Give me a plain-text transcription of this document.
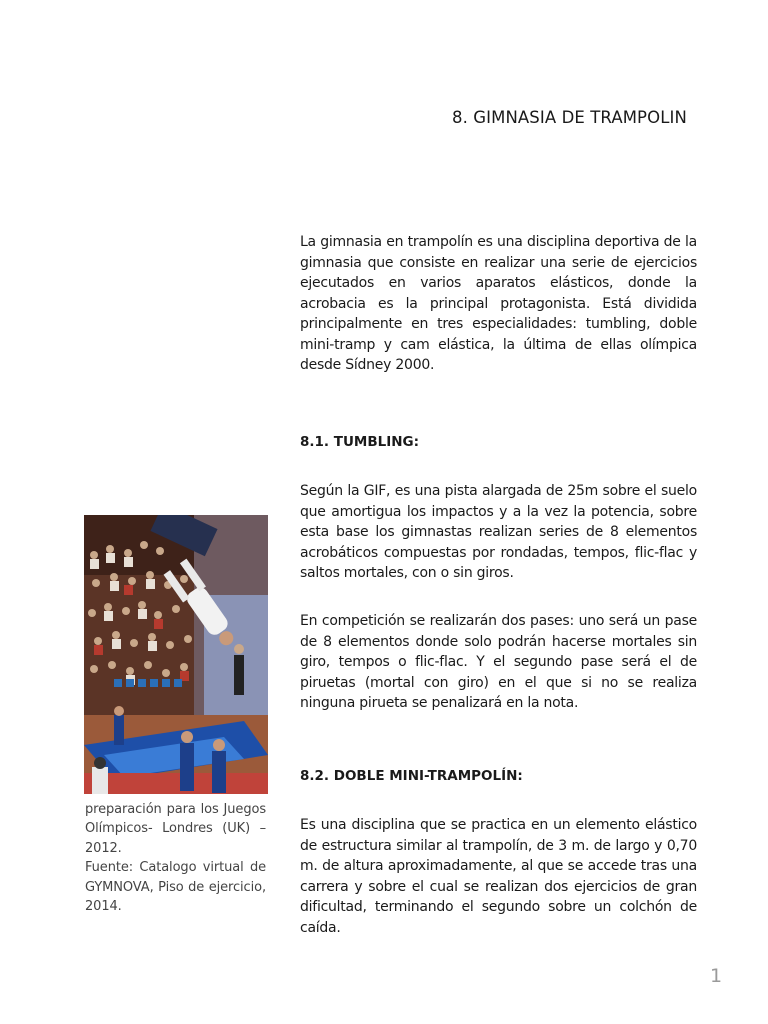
8. GIMNASIA DE TRAMPOLIN

La gimnasia en trampolín es una disciplina deportiva de la gimnasia que consiste en realizar una serie de ejercicios ejecutados en varios aparatos elásticos, donde la acrobacia es la principal protagonista. Está dividida principalmente en tres especialidades: tumbling, doble mini-tramp y cam elástica, la última de ellas olímpica desde Sídney 2000.

8.1. TUMBLING:

Según la GIF, es una pista alargada de 25m sobre el suelo que amortigua los impactos y a la vez la potencia, sobre esta base los gimnastas realizan series de 8 elementos acrobáticos compuestas por rondadas, tempos, flic-flac y saltos mortales, con o sin giros.

En competición se realizarán dos pases: uno será un pase de 8 elementos donde solo podrán hacerse mortales sin giro, tempos o flic-flac. Y el segundo pase será el de piruetas (mortal con giro) en el que si no se realiza ninguna pirueta se penalizará en la nota.

8.2. DOBLE MINI-TRAMPOLÍN:

Es una disciplina que se practica en un elemento elástico de estructura similar al trampolín, de 3 m. de largo y 0,70 m. de altura aproximadamente, al que se accede tras una carrera y sobre el cual se realizan dos ejercicios de gran dificultad, terminando el segundo sobre un colchón de caída.

preparación para los Juegos Olímpicos- Londres (UK) – 2012.

Fuente: Catalogo virtual de GYMNOVA, Piso de ejercicio, 2014.

1
